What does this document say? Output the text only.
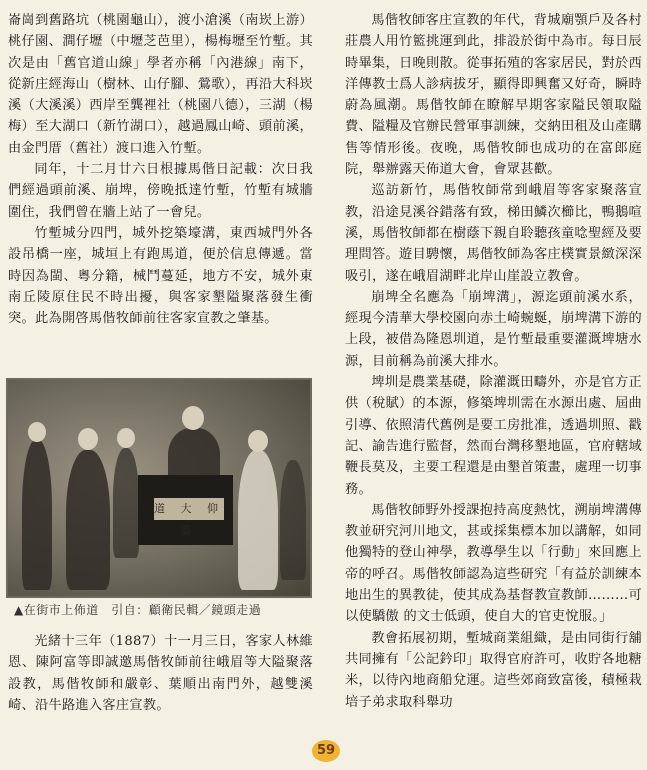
崙崗到舊路坑（桃園龜山），渡小滄溪（南崁上游）桃仔園、澗仔壢（中壢芝芭里），楊梅壢至竹塹。其次是由「舊官道山線」學者亦稱「內港線」南下，從新庄經海山（樹林、山仔腳、鶯歌），再沿大科崁溪（大溪溪）西岸至龔裡社（桃園八德），三湖（楊梅）至大湖口（新竹湖口），越過鳳山崎、頭前溪，由金門厝（舊社）渡口進入竹塹。

同年，十二月廿六日根據馬偕日記載：次日我們經過頭前溪、崩埤，傍晚抵達竹塹，竹塹有城牆圍住，我們曾在牆上站了一會兒。

竹塹城分四門，城外挖築壕溝，東西城門外各設吊橋一座，城垣上有跑馬道，便於信息傳遞。當時因為閩、粵分籍，械鬥蔓延，地方不安，城外東南丘陵原住民不時出擾，與客家墾隘聚落發生衝突。此為開啓馬偕牧師前往客家宣教之肇基。

道 大 仰 雲
▲在街市上佈道　引自：顧衛民輯／鏡頭走過

光緒十三年（1887）十一月三日，客家人林維恩、陳阿富等即誠邀馬偕牧師前往峨眉等大隘聚落設教，馬偕牧師和嚴彰、葉順出南門外，越雙溪崎、沿牛路進入客庄宣教。

馬偕牧師客庄宣教的年代，背城廟顎戶及各村莊農人用竹籃挑運到此，排設於街中為市。每日辰時畢集，日晚則散。從事拓殖的客家居民，對於西洋傳教士爲人診病拔牙，顯得即興奮又好奇，瞬時蔚為風潮。馬偕牧師在瞭解早期客家隘民領取隘費、隘糧及官辦民營軍事訓練，交納田租及山產購售等情形後。夜晚，馬偕牧師也成功的在富郎庭院，舉辦露天佈道大會，會眾甚歡。

巡訪新竹，馬偕牧師常到峨眉等客家聚落宣教，沿途見溪谷錯落有致，梯田鱗次櫛比，鴨鵝喧溪，馬偕牧師都在樹蔭下親自聆聽孩童唸聖經及要理問答。遊目騁懷，馬偕牧師為客庄樸實景緻深深吸引，遂在峨眉湖畔北岸山崖設立教會。

崩埤全名應為「崩埤溝」，源迄頭前溪水系，經現今清華大學校園向赤土崎蜿蜒，崩埤溝下游的上段，被借為隆恩圳道，是竹塹最重要灌溉埤塘水源，目前稱為前溪大排水。

埤圳是農業基礎，除灌溉田疇外，亦是官方正供（稅賦）的本源，修築埤圳需在水源出處、屆曲引導、依照清代舊例是要工房批准，透過圳照、戳記、諭告進行監督，然而台灣移墾地區，官府轄域鞭長莫及，主要工程還是由墾首策畫，處理一切事務。

馬偕牧師野外授課抱持高度熱忱，溯崩埤溝傳教並研究河川地文，甚或採集標本加以講解，如同他獨特的登山神學，教導學生以「行動」來回應上帝的呼召。馬偕牧師認為這些研究「有益於訓練本地出生的異教徒，使其成為基督教宣教師………可以使驕傲 的文士低頭，使自大的官吏悅服。」

教會拓展初期，塹城商業組織，是由同街行舖共同擁有「公記鈐印」取得官府許可，收貯各地糖米，以待內地商船兌運。這些郊商致富後，積極栽培子弟求取科舉功

59
